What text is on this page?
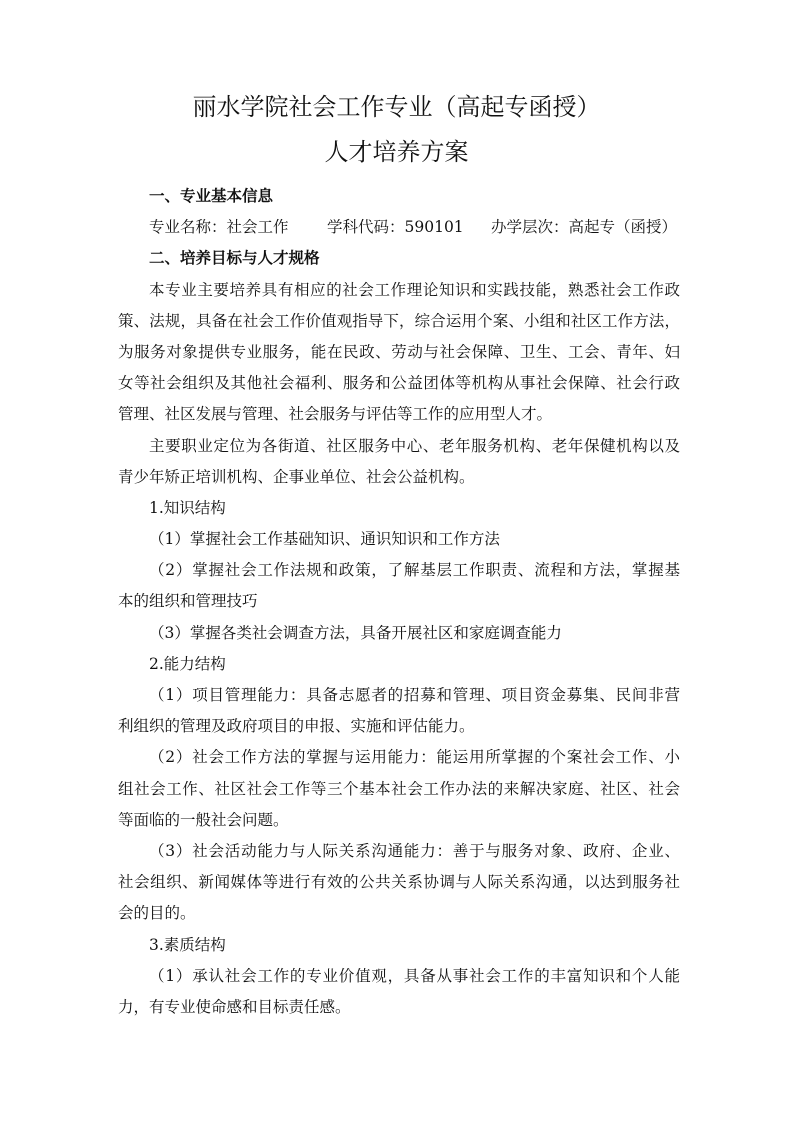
丽水学院社会工作专业（高起专函授）
人才培养方案
一、专业基本信息
专业名称：社会工作 学科代码：590101 办学层次：高起专（函授）
二、培养目标与人才规格
本专业主要培养具有相应的社会工作理论知识和实践技能，熟悉社会工作政
策、法规，具备在社会工作价值观指导下，综合运用个案、小组和社区工作方法，
为服务对象提供专业服务，能在民政、劳动与社会保障、卫生、工会、青年、妇
女等社会组织及其他社会福利、服务和公益团体等机构从事社会保障、社会行政
管理、社区发展与管理、社会服务与评估等工作的应用型人才。
主要职业定位为各街道、社区服务中心、老年服务机构、老年保健机构以及
青少年矫正培训机构、企事业单位、社会公益机构。
1.知识结构
（1）掌握社会工作基础知识、通识知识和工作方法
（2）掌握社会工作法规和政策，了解基层工作职责、流程和方法，掌握基
本的组织和管理技巧
（3）掌握各类社会调查方法，具备开展社区和家庭调查能力
2.能力结构
（1）项目管理能力：具备志愿者的招募和管理、项目资金募集、民间非营
利组织的管理及政府项目的申报、实施和评估能力。
（2）社会工作方法的掌握与运用能力：能运用所掌握的个案社会工作、小
组社会工作、社区社会工作等三个基本社会工作办法的来解决家庭、社区、社会
等面临的一般社会问题。
（3）社会活动能力与人际关系沟通能力：善于与服务对象、政府、企业、
社会组织、新闻媒体等进行有效的公共关系协调与人际关系沟通，以达到服务社
会的目的。
3.素质结构
（1）承认社会工作的专业价值观，具备从事社会工作的丰富知识和个人能
力，有专业使命感和目标责任感。
